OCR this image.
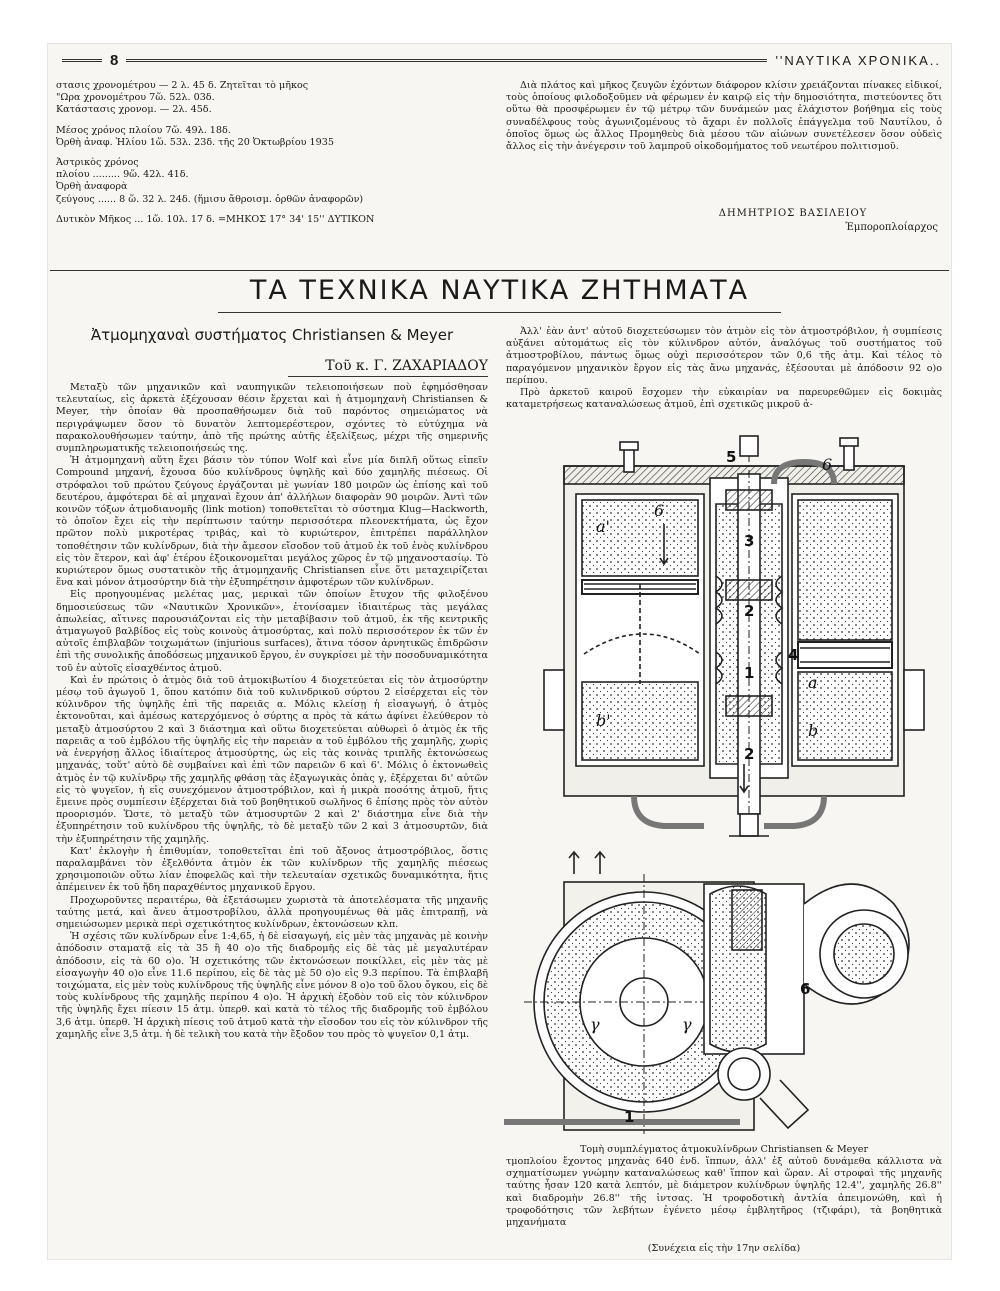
8	''ΝΑΥΤΙΚΑ ΧΡΟΝΙΚΑ..
στασις χρονομέτρου — 2 λ. 45 δ. Ζητεῖται τὸ μῆκος
"Ωρα χρονομέτρου 7ὥ. 52λ. 03δ.
Κατάστασις χρονομ. — 2λ. 45δ.
Μέσος χρόνος πλοίου 7ὥ. 49λ. 18δ.
Ὀρθὴ ἀναφ. Ἡλίου 1ὥ. 53λ. 23δ. τῆς 20 Ὀκτωβρίου 1935
Ἀστρικὸς χρόνος
πλοίου ......... 9ὥ. 42λ. 41δ.
Ὀρθὴ ἀναφορὰ
ζεύγους ...... 8 ὥ. 32 λ. 24δ. (ἥμισυ ἄθροισμ. ὀρθῶν ἀναφορῶν)
Δυτικὸν Μῆκος ... 1ὥ. 10λ. 17 δ. =ΜΗΚΟΣ 17° 34' 15'' ΔΥΤΙΚΟΝ

Διὰ πλάτος καὶ μῆκος ζευγῶν ἐχόντων διάφορον κλίσιν χρειάζονται πίνακες εἰδικοί, τοὺς ὁποίους φιλοδοξοῦμεν νὰ φέρωμεν ἐν καιρῷ εἰς τὴν δημοσιότητα, πιστεύοντες ὅτι οὕτω θὰ προσφέρωμεν ἐν τῷ μέτρῳ τῶν δυνάμεών μας ἐλάχιστον βοήθημα εἰς τοὺς συναδέλφους τοὺς ἀγωνιζομένους τὸ ἄχαρι ἐν πολλοῖς ἐπάγγελμα τοῦ Ναυτίλου, ὁ ὁποῖος ὅμως ὡς ἄλλος Προμηθεὺς διὰ μέσου τῶν αἰώνων συνετέλεσεν ὅσον οὐδεὶς ἄλλος εἰς τὴν ἀνέγερσιν τοῦ λαμπροῦ οἰκοδομήματος τοῦ νεωτέρου πολιτισμοῦ.

ΔΗΜΗΤΡΙΟΣ ΒΑΣΙΛΕΙΟΥ
Ἐμποροπλοίαρχος
ΤΑ ΤΕΧΝΙΚΑ ΝΑΥΤΙΚΑ ΖΗΤΗΜΑΤΑ
Ἀτμομηχαναὶ συστήματος Christiansen & Meyer
Τοῦ κ. Γ. ΖΑΧΑΡΙΑΔΟΥ

Μεταξὺ τῶν μηχανικῶν καὶ ναυπηγικῶν τελειοποιήσεων ποὺ ἐφημόσθησαν τελευταίως, εἰς ἀρκετὰ ἐξέχουσαν θέσιν ἔρχεται καὶ ἡ ἀτμομηχανὴ Christiansen & Meyer, τὴν ὁποίαν θὰ προσπαθήσωμεν διὰ τοῦ παρόντος σημειώματος νὰ περιγράψωμεν ὅσον τὸ δυνατὸν λεπτομερέστερον, σχόντες τὸ εὐτύχημα νὰ παρακολουθήσωμεν ταύτην, ἀπὸ τῆς πρώτης αὐτῆς ἐξελίξεως, μέχρι τῆς σημερινῆς συμπληρωματικῆς τελειοποιήσεώς της.

Ἡ ἀτμομηχανὴ αὕτη ἔχει βάσιν τὸν τύπον Wolf καὶ εἶνε μία διπλῆ οὕτως εἰπεῖν Compound μηχανή, ἔχουσα δύο κυλίνδρους ὑψηλῆς καὶ δύο χαμηλῆς πιέσεως. Οἱ στρόφαλοι τοῦ πρώτου ζεύγους ἐργάζονται μὲ γωνίαν 180 μοιρῶν ὡς ἐπίσης καὶ τοῦ δευτέρου, ἀμφότεραι δὲ αἱ μηχαναὶ ἔχουν ἀπ' ἀλλήλων διαφορὰν 90 μοιρῶν. Ἀντὶ τῶν κοινῶν τόξων ἀτμοδιανομῆς (link motion) τοποθετεῖται τὸ σύστημα Klug—Hackworth, τὸ ὁποῖον ἔχει εἰς τὴν περίπτωσιν ταύτην περισσότερα πλεονεκτήματα, ὡς ἔχον πρῶτον πολὺ μικροτέρας τριβάς, καὶ τὸ κυριώτερον, ἐπιτρέπει παράλληλον τοποθέτησιν τῶν κυλίνδρων, διὰ τὴν ἄμεσον εἴσοδον τοῦ ἀτμοῦ ἐκ τοῦ ἑνὸς κυλίνδρου εἰς τὸν ἕτερον, καὶ ἀφ' ἑτέρου ἐξοικονομεῖται μεγάλος χῶρος ἐν τῷ μηχανοστασίῳ. Τὸ κυριώτερον ὅμως συστατικὸν τῆς ἀτμομηχανῆς Christiansen εἶνε ὅτι μεταχειρίζεται ἕνα καὶ μόνον ἀτμοσύρτην διὰ τὴν ἐξυπηρέτησιν ἀμφοτέρων τῶν κυλίνδρων.

Εἰς προηγουμένας μελέτας μας, μερικαὶ τῶν ὁποίων ἔτυχον τῆς φιλοξένου δημοσιεύσεως τῶν «Ναυτικῶν Χρονικῶν», ἐτονίσαμεν ἰδιαιτέρως τὰς μεγάλας ἀπωλείας, αἵτινες παρουσιάζονται εἰς τὴν μεταβίβασιν τοῦ ἀτμοῦ, ἐκ τῆς κεντρικῆς ἀτμαγωγοῦ βαλβίδος εἰς τοὺς κοινοὺς ἀτμοσύρτας, καὶ πολὺ περισσότερον ἐκ τῶν ἐν αὐτοῖς ἐπιβλαβῶν τοιχωμάτων (injurious surfaces), ἅτινα τόσον ἀρνητικῶς ἐπιδρῶσιν ἐπὶ τῆς συνολικῆς ἀποδόσεως μηχανικοῦ ἔργου, ἐν συγκρίσει μὲ τὴν ποσοδυναμικότητα τοῦ ἐν αὐτοῖς εἰσαχθέντος ἀτμοῦ.

Καὶ ἐν πρώτοις ὁ ἀτμὸς διὰ τοῦ ἀτμοκιβωτίου 4 διοχετεύεται εἰς τὸν ἀτμοσύρτην μέσῳ τοῦ ἀγωγοῦ 1, ὅπου κατόπιν διὰ τοῦ κυλινδρικοῦ σύρτου 2 εἰσέρχεται εἰς τὸν κύλινδρον τῆς ὑψηλῆς ἐπὶ τῆς παρειᾶς α. Μόλις κλείσῃ ἡ εἰσαγωγή, ὁ ἀτμὸς ἐκτονοῦται, καὶ ἀμέσως κατερχόμενος ὁ σύρτης α πρὸς τὰ κάτω ἀφίνει ἐλεύθερον τὸ μεταξὺ ἀτμοσύρτου 2 καὶ 3 διάστημα καὶ οὕτω διοχετεύεται αὐθωρεὶ ὁ ἀτμὸς ἐκ τῆς παρειᾶς α τοῦ ἐμβόλου τῆς ὑψηλῆς εἰς τὴν παρειὰν α τοῦ ἐμβόλου τῆς χαμηλῆς, χωρὶς νὰ ἐνεργήσῃ ἄλλος ἰδιαίτερος ἀτμοσύρτης, ὡς εἰς τὰς κοινὰς τριπλῆς ἐκτονώσεως μηχανάς, τοὔτ' αὐτὸ δὲ συμβαίνει καὶ ἐπὶ τῶν παρειῶν 6 καὶ 6'. Μόλις ὁ ἐκτονωθεὶς ἀτμὸς ἐν τῷ κυλίνδρῳ τῆς χαμηλῆς φθάσῃ τὰς ἐξαγωγικὰς ὀπὰς γ, ἐξέρχεται δι' αὐτῶν εἰς τὸ ψυγεῖον, ἡ εἰς συνεχόμενον ἀτμοστρόβιλον, καὶ ἡ μικρὰ ποσότης ἀτμοῦ, ἥτις ἔμεινε πρὸς συμπίεσιν ἐξέρχεται διὰ τοῦ βοηθητικοῦ σωλῆνος 6 ἐπίσης πρὸς τὸν αὐτὸν προορισμόν. Ὥστε, τὸ μεταξὺ τῶν ἀτμοσυρτῶν 2 καὶ 2' διάστημα εἶνε διὰ τὴν ἐξυπηρέτησιν τοῦ κυλίνδρου τῆς ὑψηλῆς, τὸ δὲ μεταξὺ τῶν 2 καὶ 3 ἀτμοσυρτῶν, διὰ τὴν ἐξυπηρέτησιν τῆς χαμηλῆς.

Κατ' ἐκλογὴν ἡ ἐπιθυμίαν, τοποθετεῖται ἐπὶ τοῦ ἄξονος ἀτμοστρόβιλος, ὅστις παραλαμβάνει τὸν ἐξελθόντα ἀτμὸν ἐκ τῶν κυλίνδρων τῆς χαμηλῆς πιέσεως χρησιμοποιῶν οὕτω λίαν ἐποφελῶς καὶ τὴν τελευταίαν σχετικῶς δυναμικότητα, ἥτις ἀπέμεινεν ἐκ τοῦ ἤδη παραχθέντος μηχανικοῦ ἔργου.

Προχωροῦντες περαιτέρω, θὰ ἐξετάσωμεν χωριστὰ τὰ ἀποτελέσματα τῆς μηχανῆς ταύτης μετά, καὶ ἄνευ ἀτμοστροβίλου, ἀλλὰ προηγουμένως θὰ μᾶς ἐπιτραπῇ, νὰ σημειώσωμεν μερικὰ περὶ σχετικότητος κυλίνδρων, ἐκτονώσεων κλπ.

Ἡ σχέσις τῶν κυλίνδρων εἶνε 1:4,65, ἡ δὲ εἰσαγωγή, εἰς μὲν τὰς μηχανὰς μὲ κοινὴν ἀπόδοσιν σταματᾷ εἰς τὰ 35 ἢ 40 ο)ο τῆς διαδρομῆς εἰς δὲ τὰς μὲ μεγαλυτέραν ἀπόδοσιν, εἰς τὰ 60 ο)ο. Ἡ σχετικότης τῶν ἐκτονώσεων ποικίλλει, εἰς μὲν τὰς μὲ εἰσαγωγὴν 40 ο)ο εἶνε 11.6 περίπου, εἰς δὲ τὰς μὲ 50 ο)ο εἰς 9.3 περίπου. Τὰ ἐπιβλαβῆ τοιχώματα, εἰς μὲν τοὺς κυλίνδρους τῆς ὑψηλῆς εἶνε μόνον 8 ο)ο τοῦ ὅλου ὄγκου, εἰς δὲ τοὺς κυλίνδρους τῆς χαμηλῆς περίπου 4 ο)ο. Ἡ ἀρχικὴ ἐξοδὸν τοῦ εἰς τὸν κύλινδρον τῆς ὑψηλῆς ἔχει πίεσιν 15 ἀτμ. ὑπερθ. καὶ κατὰ τὸ τέλος τῆς διαδρομῆς τοῦ ἐμβόλου 3,6 ἀτμ. ὑπερθ. Ἡ ἀρχικὴ πίεσις τοῦ ἀτμοῦ κατὰ τὴν εἴσοδον του εἰς τὸν κύλινδρον τῆς χαμηλῆς εἶνε 3,5 ἀτμ. ἡ δὲ τελικὴ του κατὰ τὴν ἔξοδον του πρὸς τὸ ψυγεῖον 0,1 ἀτμ.

Ἀλλ' ἐὰν ἀντ' αὐτοῦ διοχετεύσωμεν τὸν ἀτμὸν εἰς τὸν ἀτμοστρόβιλον, ἡ συμπίεσις αὐξάνει αὐτομάτως εἰς τὸν κύλινδρον αὐτόν, ἀναλόγως τοῦ συστήματος τοῦ ἀτμοστροβίλου, πάντως ὅμως οὐχὶ περισσότερον τῶν 0,6 τῆς ἀτμ. Καὶ τέλος τὸ παραγόμενον μηχανικὸν ἔργον εἰς τὰς ἄνω μηχανάς, ἐξέσουται μὲ ἀπόδοσιν 92 ο)ο περίπου.

Πρὸ ἀρκετοῦ καιροῦ ἔσχομεν τὴν εὐκαιρίαν να παρευρεθῶμεν εἰς δοκιμὰς καταμετρήσεως καταναλώσεως ἀτμοῦ, ἐπὶ σχετικῶς μικροῦ ἀ-

a'
b'
a
b
6
6
γ	γ
3
2
2
4
1
5
6
1
Τομὴ συμπλέγματος ἀτμοκυλίνδρων Christiansen & Meyer

τμοπλοίου ἔχοντος μηχανὰς 640 ἐνδ. ἵππων, ἀλλ' ἐξ αὐτοῦ δυνάμεθα κάλλιστα νὰ σχηματίσωμεν γνώμην καταναλώσεως καθ' ἵππον καὶ ὥραν. Αἱ στροφαὶ τῆς μηχανῆς ταύτης ἦσαν 120 κατὰ λεπτόν, μὲ διάμετρον κυλίνδρων ὑψηλῆς 12.4'', χαμηλῆς 26.8'' καὶ διαδρομὴν 26.8'' τῆς ἰντσας. Ἡ τροφοδοτικὴ ἀντλία ἀπειμονώθη, καὶ ἡ τροφοδότησις τῶν λεβήτων ἐγένετο μέσῳ ἐμβλητῆρος (τζιφάρι), τὰ βοηθητικὰ μηχανήματα

(Συνέχεια εἰς τὴν 17ην σελίδα)
